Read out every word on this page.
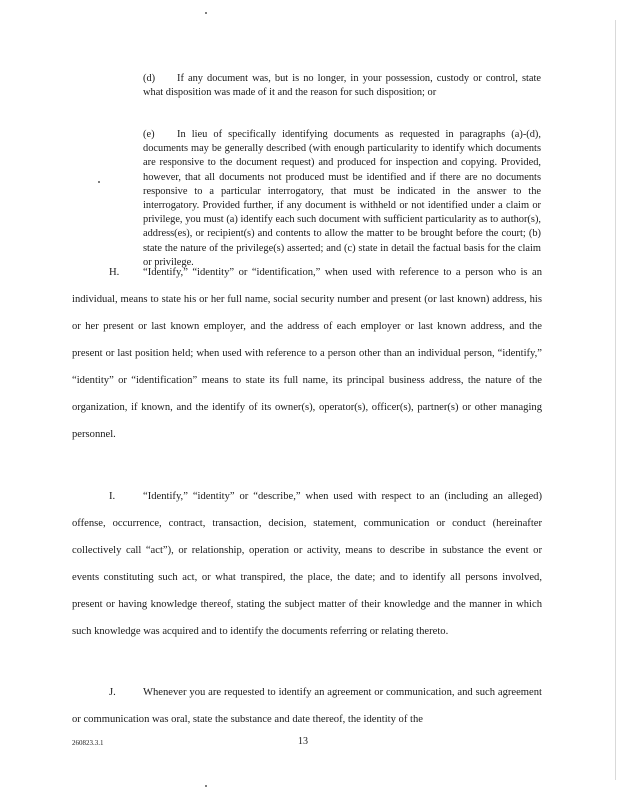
(d) If any document was, but is no longer, in your possession, custody or control, state what disposition was made of it and the reason for such disposition; or

(e) In lieu of specifically identifying documents as requested in paragraphs (a)-(d), documents may be generally described (with enough particularity to identify which documents are responsive to the document request) and produced for inspection and copying. Provided, however, that all documents not produced must be identified and if there are no documents responsive to a particular interrogatory, that must be indicated in the answer to the interrogatory. Provided further, if any document is withheld or not identified under a claim or privilege, you must (a) identify each such document with sufficient particularity as to author(s), address(es), or recipient(s) and contents to allow the matter to be brought before the court; (b) state the nature of the privilege(s) asserted; and (c) state in detail the factual basis for the claim or privilege.

H. “Identify,” “identity” or “identification,” when used with reference to a person who is an individual, means to state his or her full name, social security number and present (or last known) address, his or her present or last known employer, and the address of each employer or last known address, and the present or last position held; when used with reference to a person other than an individual person, “identify,” “identity” or “identification” means to state its full name, its principal business address, the nature of the organization, if known, and the identify of its owner(s), operator(s), officer(s), partner(s) or other managing personnel.

I.	“Identify,” “identity” or “describe,” when used with respect to an (including an alleged) offense, occurrence, contract, transaction, decision, statement, communication or conduct (hereinafter collectively call “act”), or relationship, operation or activity, means to describe in substance the event or events constituting such act, or what transpired, the place, the date; and to identify all persons involved, present or having knowledge thereof, stating the subject matter of their knowledge and the manner in which such knowledge was acquired and to identify the documents referring or relating thereto.

J.	Whenever you are requested to identify an agreement or communication, and such agreement or communication was oral, state the substance and date thereof, the identity of the

260823.3.1	13
